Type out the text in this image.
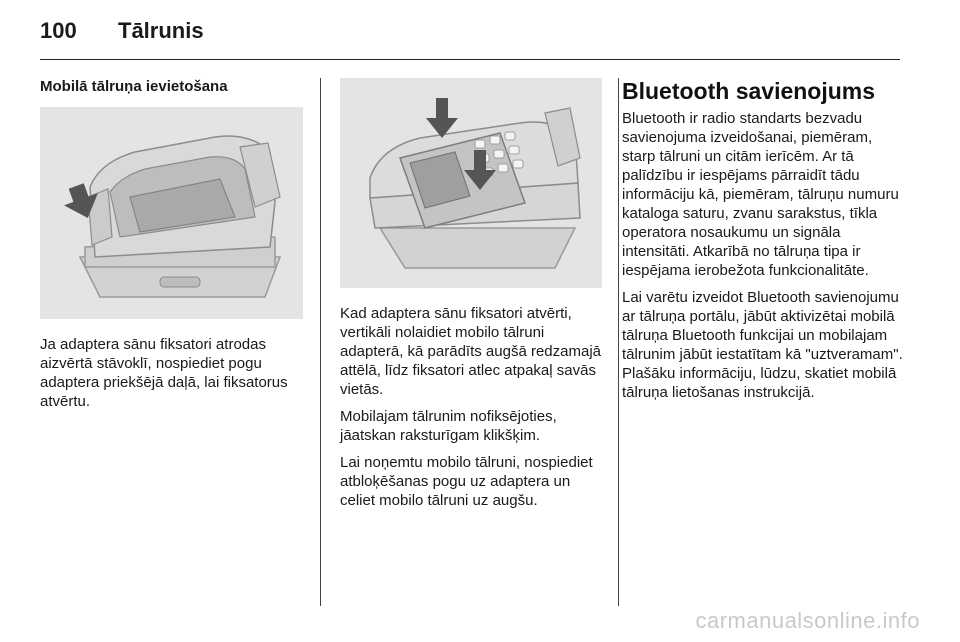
100 Tālrunis
Mobilā tālruņa ievietošana

Ja adaptera sānu fiksatori atrodas aizvērtā stāvoklī, nospiediet pogu adaptera priekšējā daļā, lai fiksatorus atvērtu.

Kad adaptera sānu fiksatori atvērti, vertikāli nolaidiet mobilo tālruni adapterā, kā parādīts augšā redzamajā attēlā, līdz fiksatori atlec atpakaļ savās vietās.

Mobilajam tālrunim nofiksējoties, jāatskan raksturīgam klikšķim.

Lai noņemtu mobilo tālruni, nospiediet atbloķēšanas pogu uz adaptera un celiet mobilo tālruni uz augšu.

Bluetooth savienojums

Bluetooth ir radio standarts bezvadu savienojuma izveidošanai, piemēram, starp tālruni un citām ierīcēm. Ar tā palīdzību ir iespējams pārraidīt tādu informāciju kā, piemēram, tālruņu numuru kataloga saturu, zvanu sarakstus, tīkla operatora nosaukumu un signāla intensitāti. Atkarībā no tālruņa tipa ir iespējama ierobežota funkcionalitāte.

Lai varētu izveidot Bluetooth savienojumu ar tālruņa portālu, jābūt aktivizētai mobilā tālruņa Bluetooth funkcijai un mobilajam tālrunim jābūt iestatītam kā "uztveramam". Plašāku informāciju, lūdzu, skatiet mobilā tālruņa lietošanas instrukcijā.

carmanualsonline.info
